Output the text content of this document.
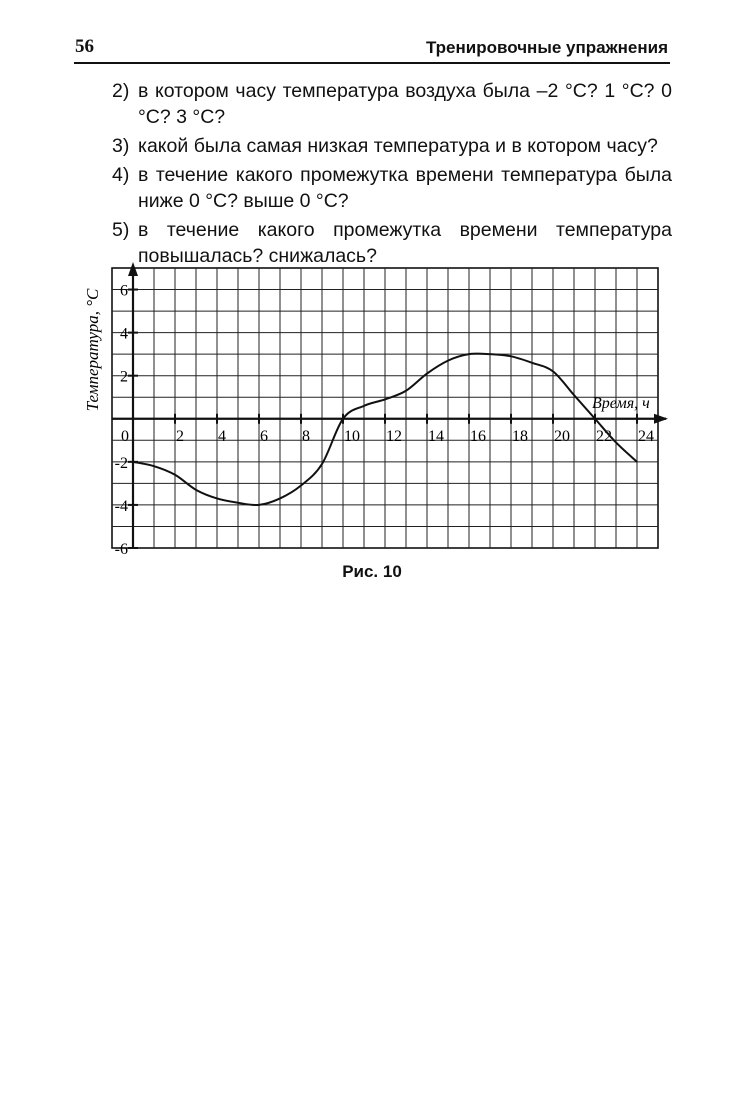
56	Тренировочные упражнения
2) в котором часу температура воздуха была –2 °С? 1 °С? 0 °С? 3 °С?
3) какой была самая низкая температура и в котором часу?
4) в течение какого промежутка времени температура была ниже 0 °С? выше 0 °С?
5) в течение какого промежутка времени температура повышалась? снижалась?
0	2 4 6 8 10 12 14 16 18 20 22 24
6
4
2
-2
-4
-6
Температура, °С	Время, ч
Рис. 10
